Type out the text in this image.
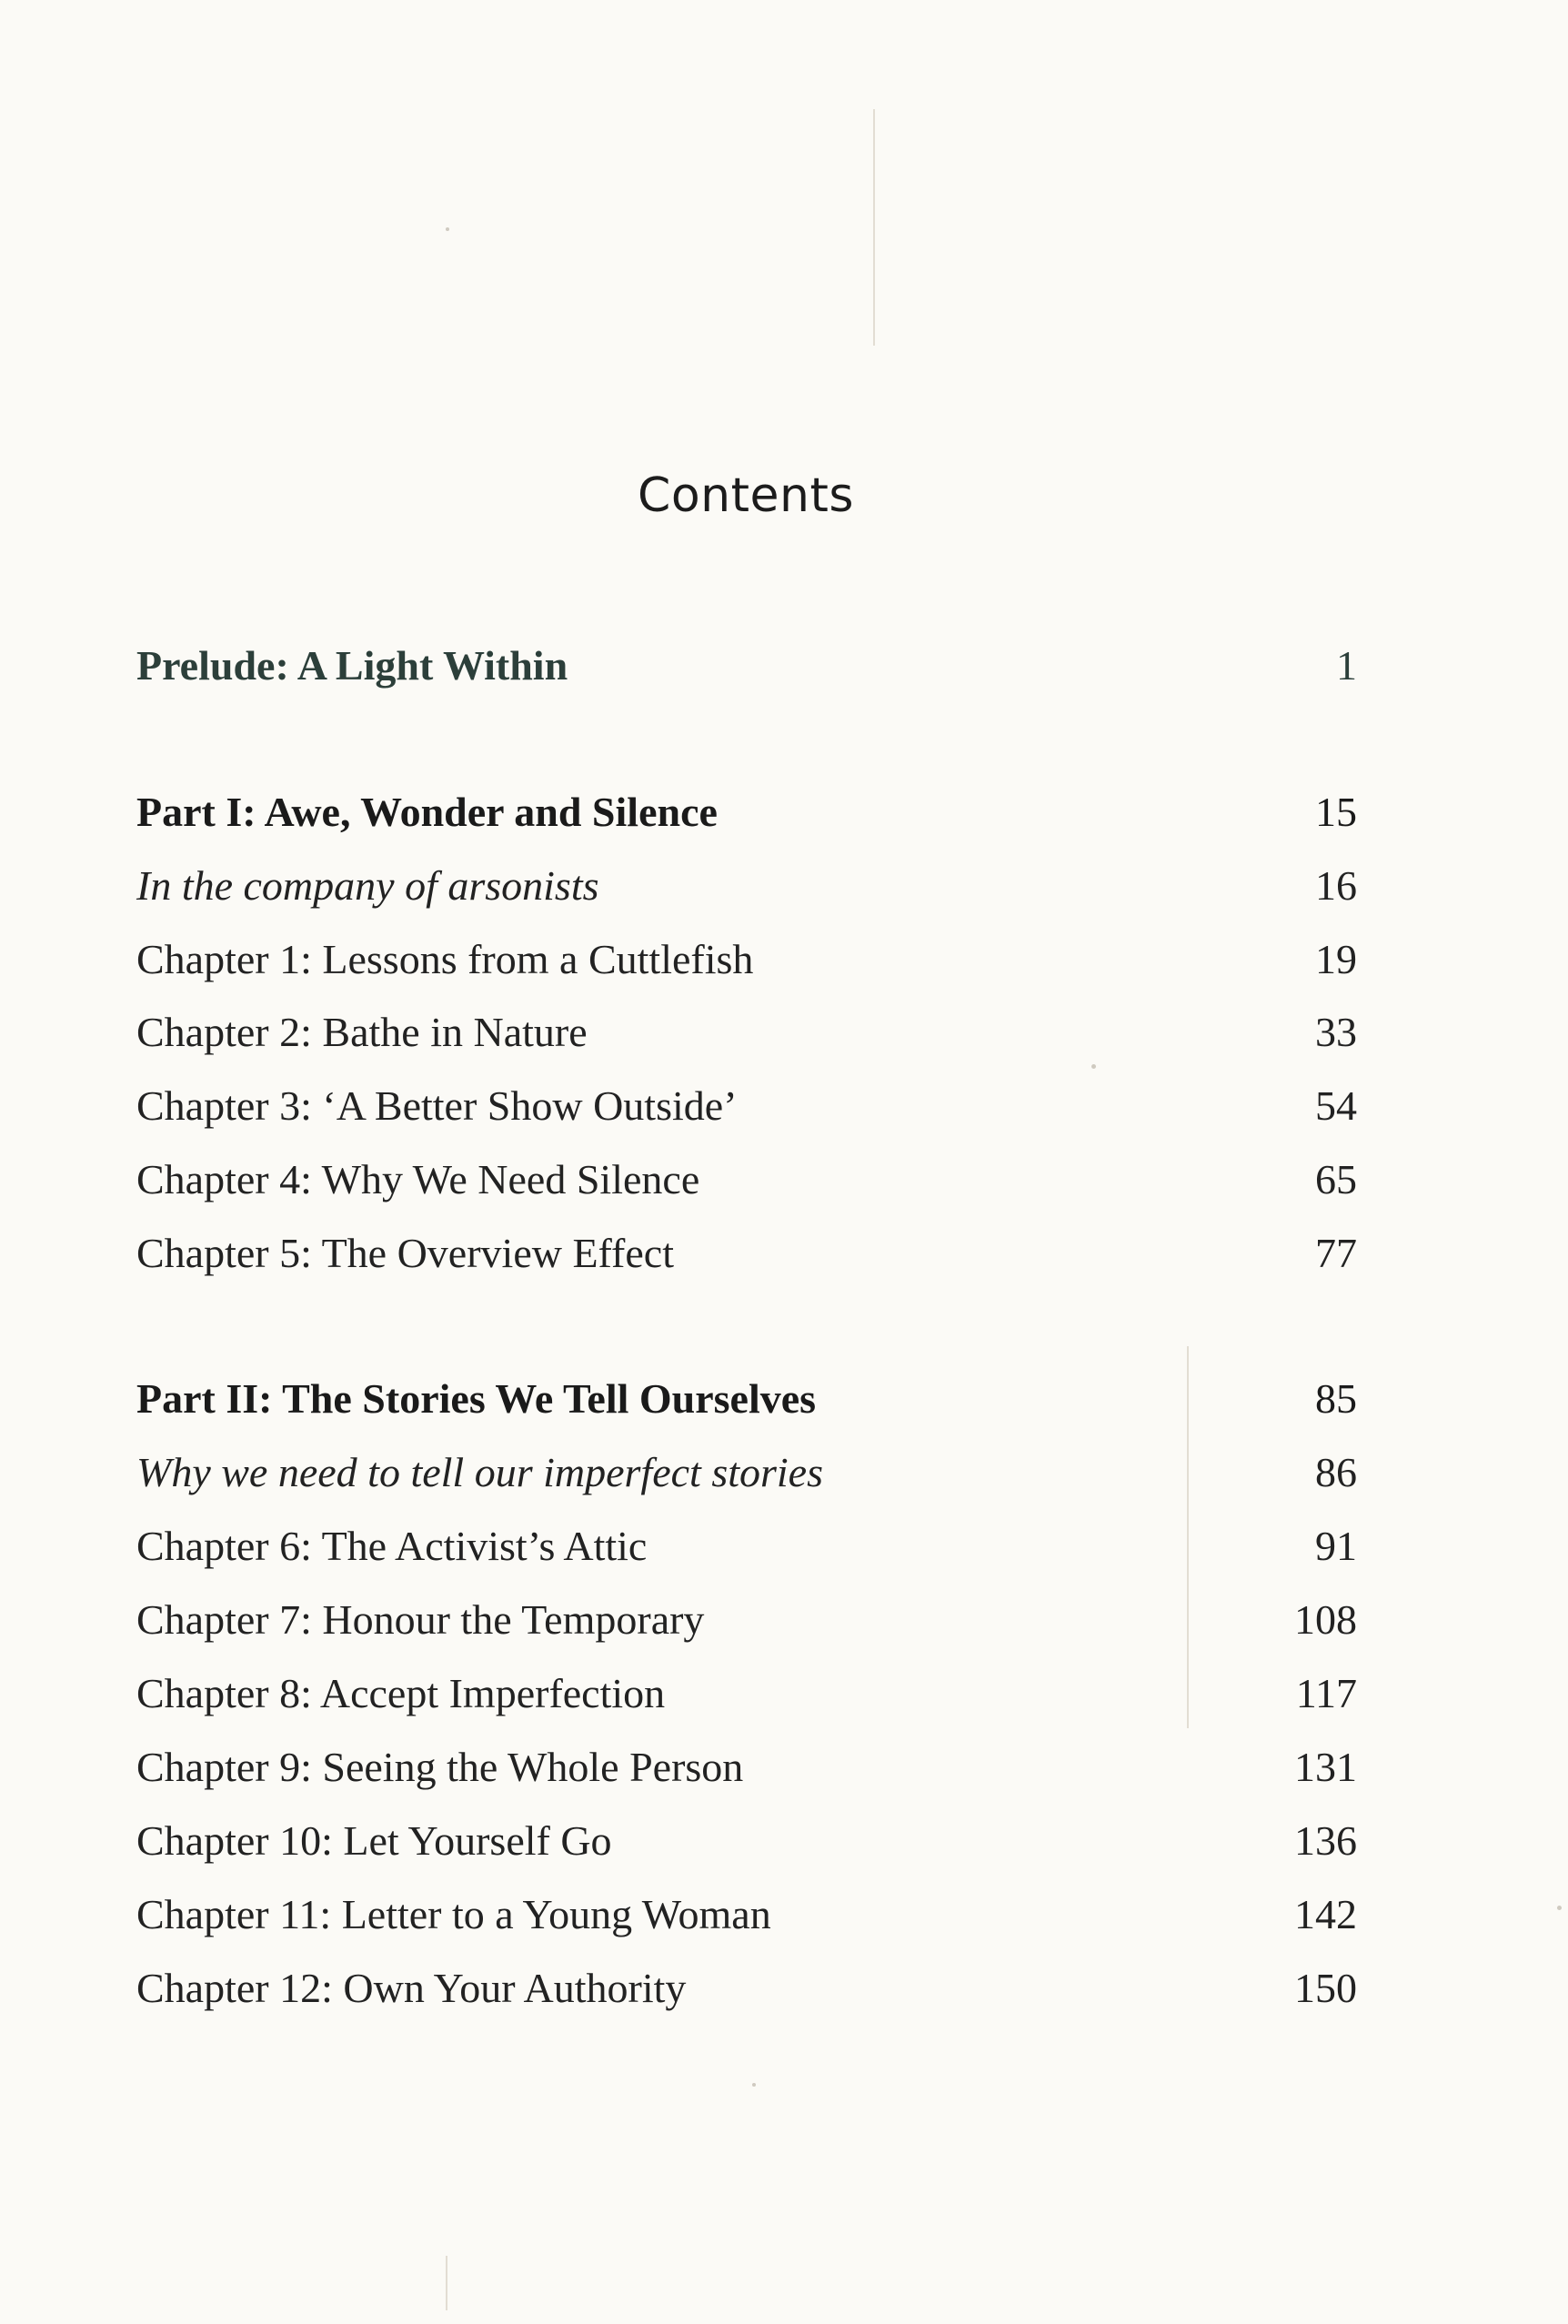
Contents
Prelude: A Light Within	1
Part I: Awe, Wonder and Silence	15
In the company of arsonists	16
Chapter 1: Lessons from a Cuttlefish	19
Chapter 2: Bathe in Nature	33
Chapter 3: ‘A Better Show Outside’	54
Chapter 4: Why We Need Silence	65
Chapter 5: The Overview Effect	77
Part II: The Stories We Tell Ourselves	85
Why we need to tell our imperfect stories	86
Chapter 6: The Activist’s Attic	91
Chapter 7: Honour the Temporary	108
Chapter 8: Accept Imperfection	117
Chapter 9: Seeing the Whole Person	131
Chapter 10: Let Yourself Go	136
Chapter 11: Letter to a Young Woman	142
Chapter 12: Own Your Authority	150
